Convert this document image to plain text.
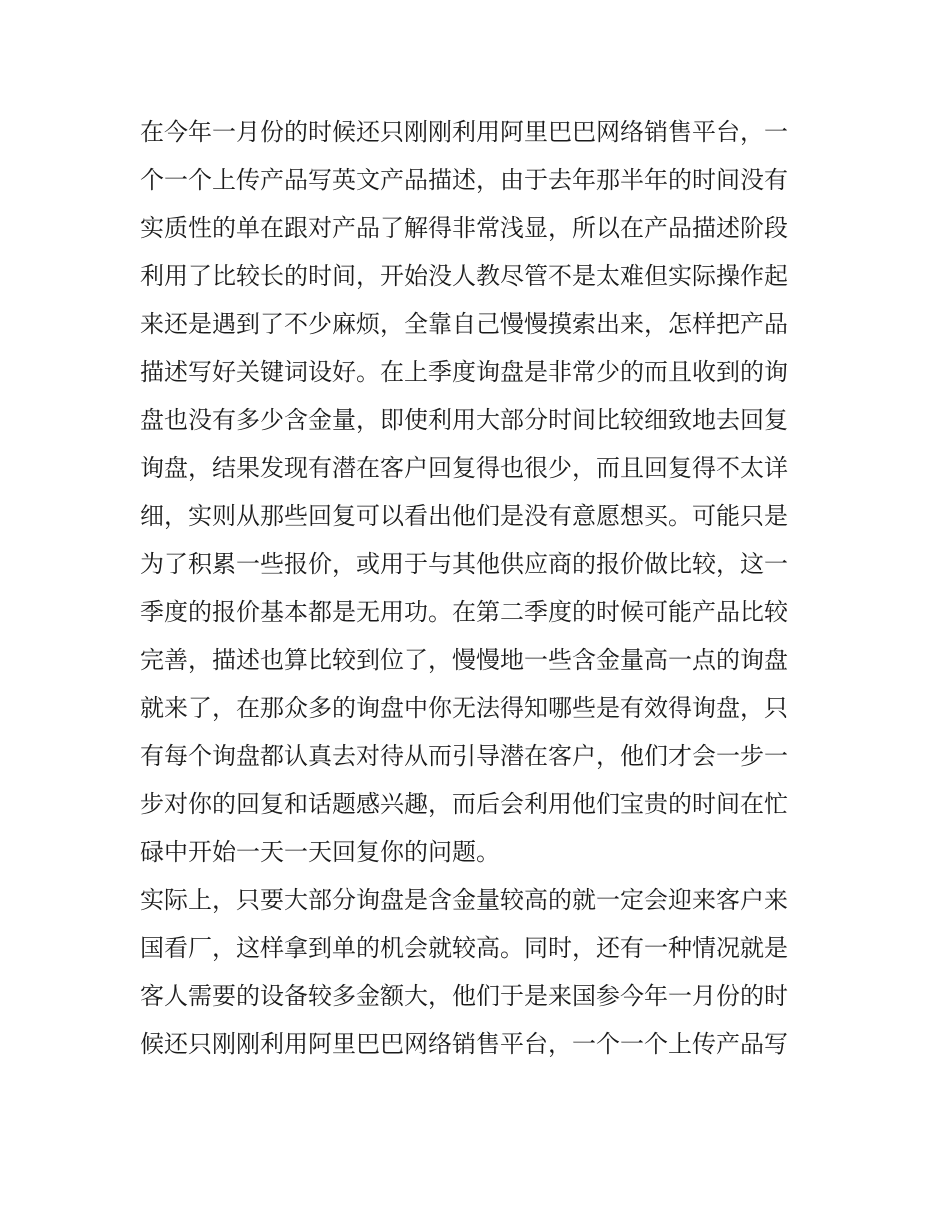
在今年一月份的时候还只刚刚利用阿里巴巴网络销售平台，一
个一个上传产品写英文产品描述，由于去年那半年的时间没有
实质性的单在跟对产品了解得非常浅显，所以在产品描述阶段
利用了比较长的时间，开始没人教尽管不是太难但实际操作起
来还是遇到了不少麻烦，全靠自己慢慢摸索出来，怎样把产品
描述写好关键词设好。在上季度询盘是非常少的而且收到的询
盘也没有多少含金量，即使利用大部分时间比较细致地去回复
询盘，结果发现有潜在客户回复得也很少，而且回复得不太详
细，实则从那些回复可以看出他们是没有意愿想买。可能只是
为了积累一些报价，或用于与其他供应商的报价做比较，这一
季度的报价基本都是无用功。在第二季度的时候可能产品比较
完善，描述也算比较到位了，慢慢地一些含金量高一点的询盘
就来了，在那众多的询盘中你无法得知哪些是有效得询盘，只
有每个询盘都认真去对待从而引导潜在客户，他们才会一步一
步对你的回复和话题感兴趣，而后会利用他们宝贵的时间在忙
碌中开始一天一天回复你的问题。
实际上，只要大部分询盘是含金量较高的就一定会迎来客户来
国看厂，这样拿到单的机会就较高。同时，还有一种情况就是
客人需要的设备较多金额大，他们于是来国参今年一月份的时
候还只刚刚利用阿里巴巴网络销售平台，一个一个上传产品写
